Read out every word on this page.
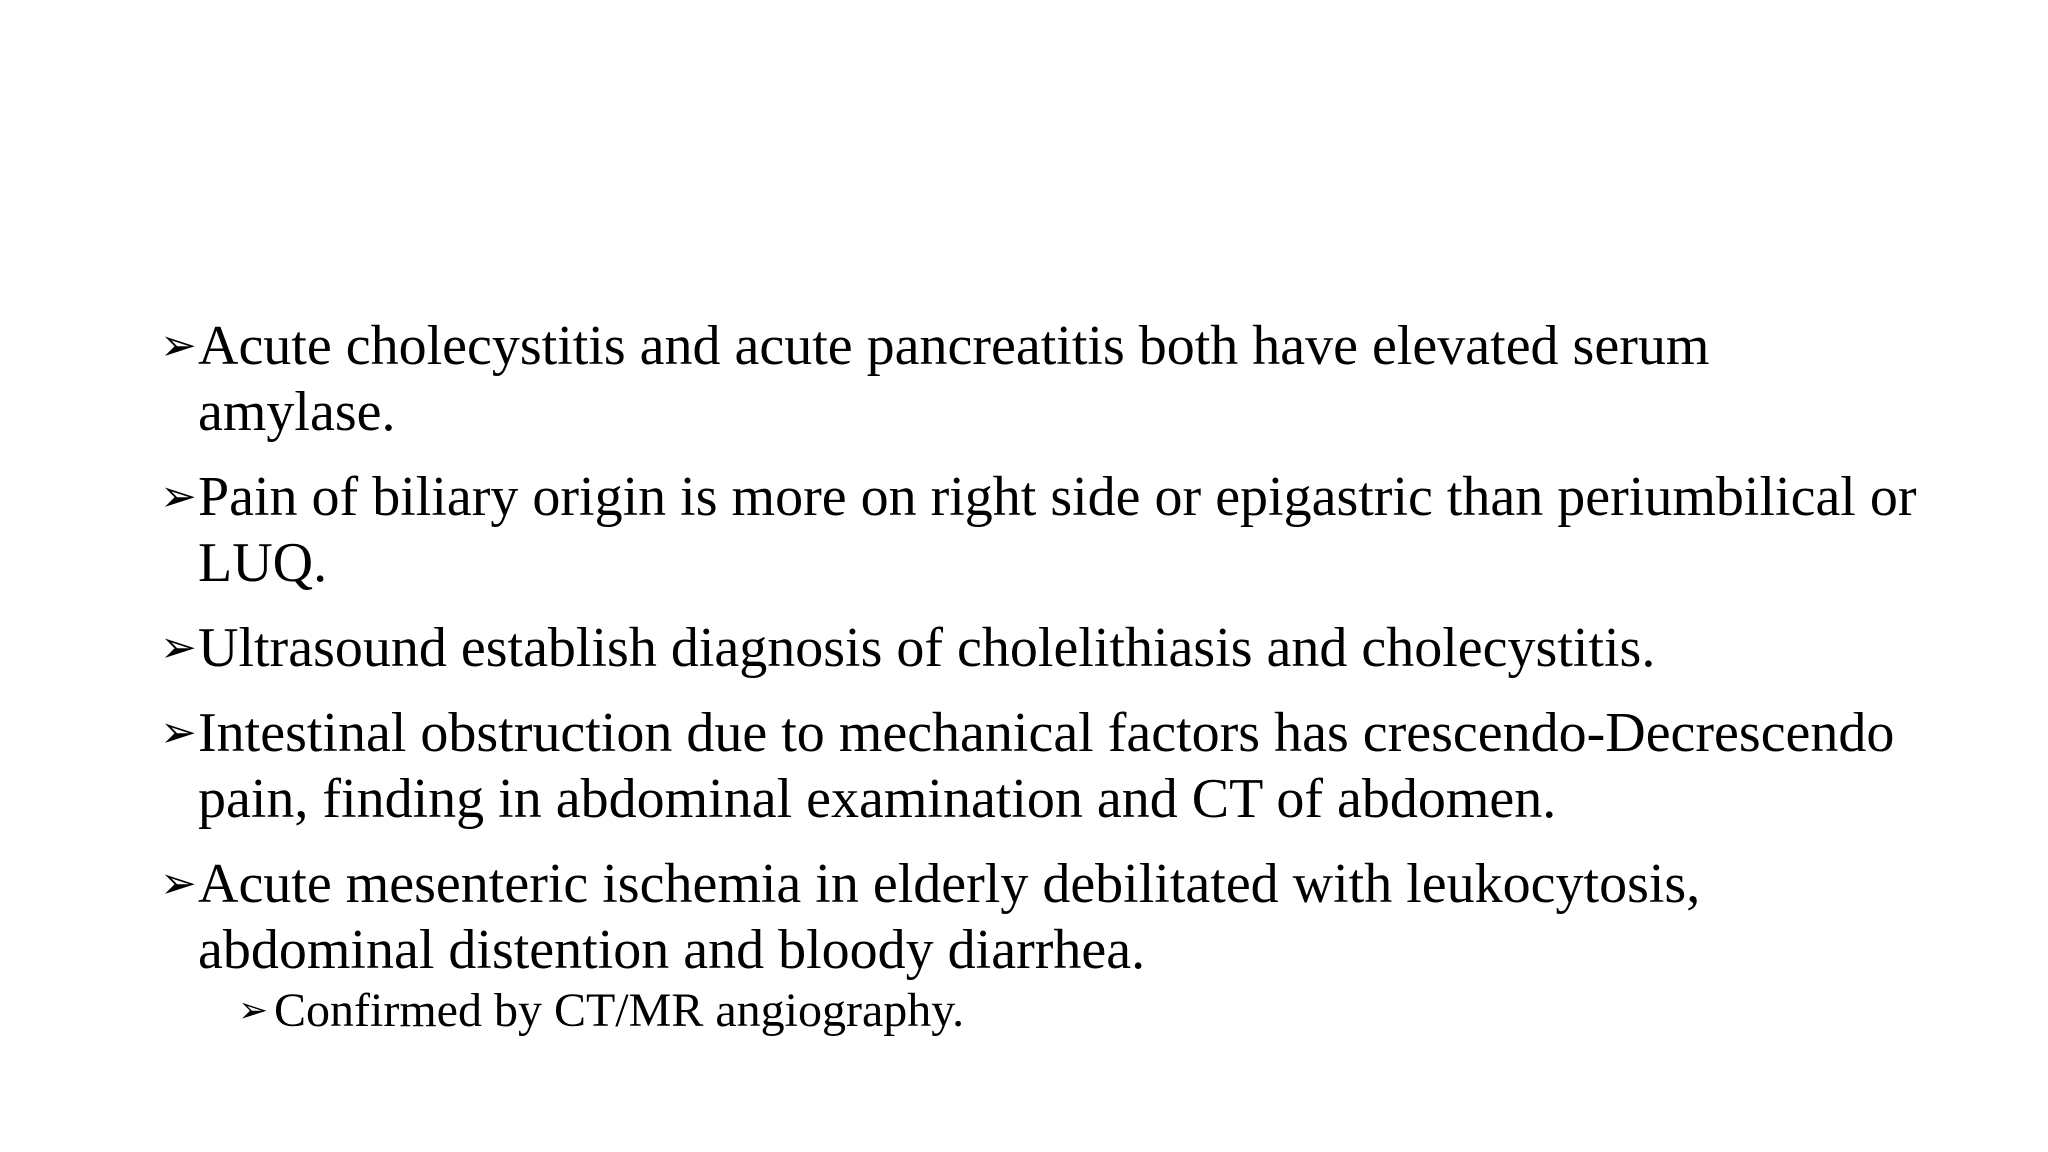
➢ Acute cholecystitis and acute pancreatitis both have elevated serum amylase.
➢ Pain of biliary origin is more on right side or epigastric than periumbilical or LUQ.
➢ Ultrasound establish diagnosis of cholelithiasis and cholecystitis.
➢ Intestinal obstruction due to mechanical factors has crescendo-Decrescendo pain, finding in abdominal examination and CT of abdomen.
➢ Acute mesenteric ischemia in elderly debilitated with leukocytosis, abdominal distention and bloody diarrhea.
➢ Confirmed by CT/MR angiography.
